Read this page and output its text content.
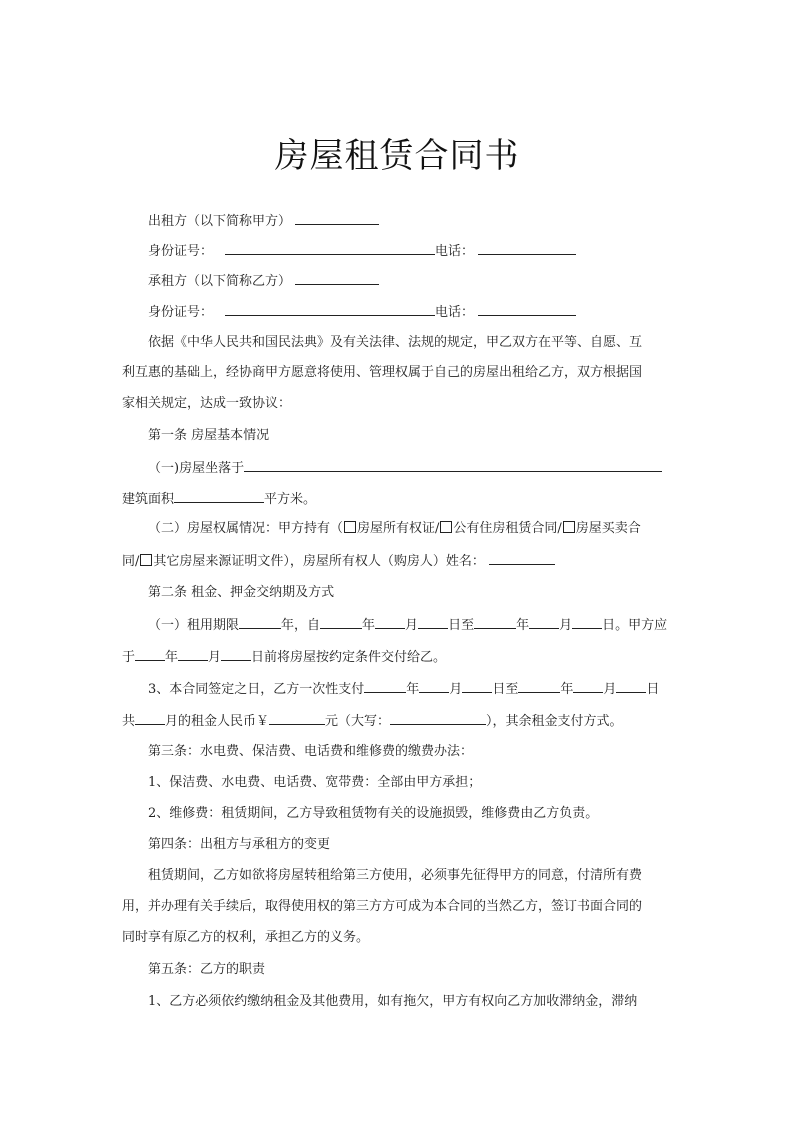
房屋租赁合同书
出租方（以下简称甲方）
身份证号：	电话：
承租方（以下简称乙方）
身份证号：	电话：
依据《中华人民共和国民法典》及有关法律、法规的规定，甲乙双方在平等、自愿、互
利互惠的基础上，经协商甲方愿意将使用、管理权属于自己的房屋出租给乙方，双方根据国
家相关规定，达成一致协议：
第一条 房屋基本情况
（一)房屋坐落于
建筑面积	平方米。
（二）房屋权属情况：甲方持有（ 房屋所有权证/ 公有住房租赁合同/ 房屋买卖合
同/ 其它房屋来源证明文件），房屋所有权人（购房人）姓名：
第二条 租金、押金交纳期及方式
（一）租用期限	年，自	年 月 日至	年 月 日。甲方应
于 年 月 日前将房屋按约定条件交付给乙。
3、本合同签定之日，乙方一次性支付	年 月 日至	年 月 日
共 月的租金人民币￥	元（大写：	），其余租金支付方式。
第三条：水电费、保洁费、电话费和维修费的缴费办法：
1、保洁费、水电费、电话费、宽带费：全部由甲方承担；
2、维修费：租赁期间，乙方导致租赁物有关的设施损毁，维修费由乙方负责。
第四条：出租方与承租方的变更
租赁期间，乙方如欲将房屋转租给第三方使用，必须事先征得甲方的同意，付清所有费
用，并办理有关手续后，取得使用权的第三方方可成为本合同的当然乙方，签订书面合同的
同时享有原乙方的权利，承担乙方的义务。
第五条：乙方的职责
1、乙方必须依约缴纳租金及其他费用，如有拖欠，甲方有权向乙方加收滞纳金，滞纳
